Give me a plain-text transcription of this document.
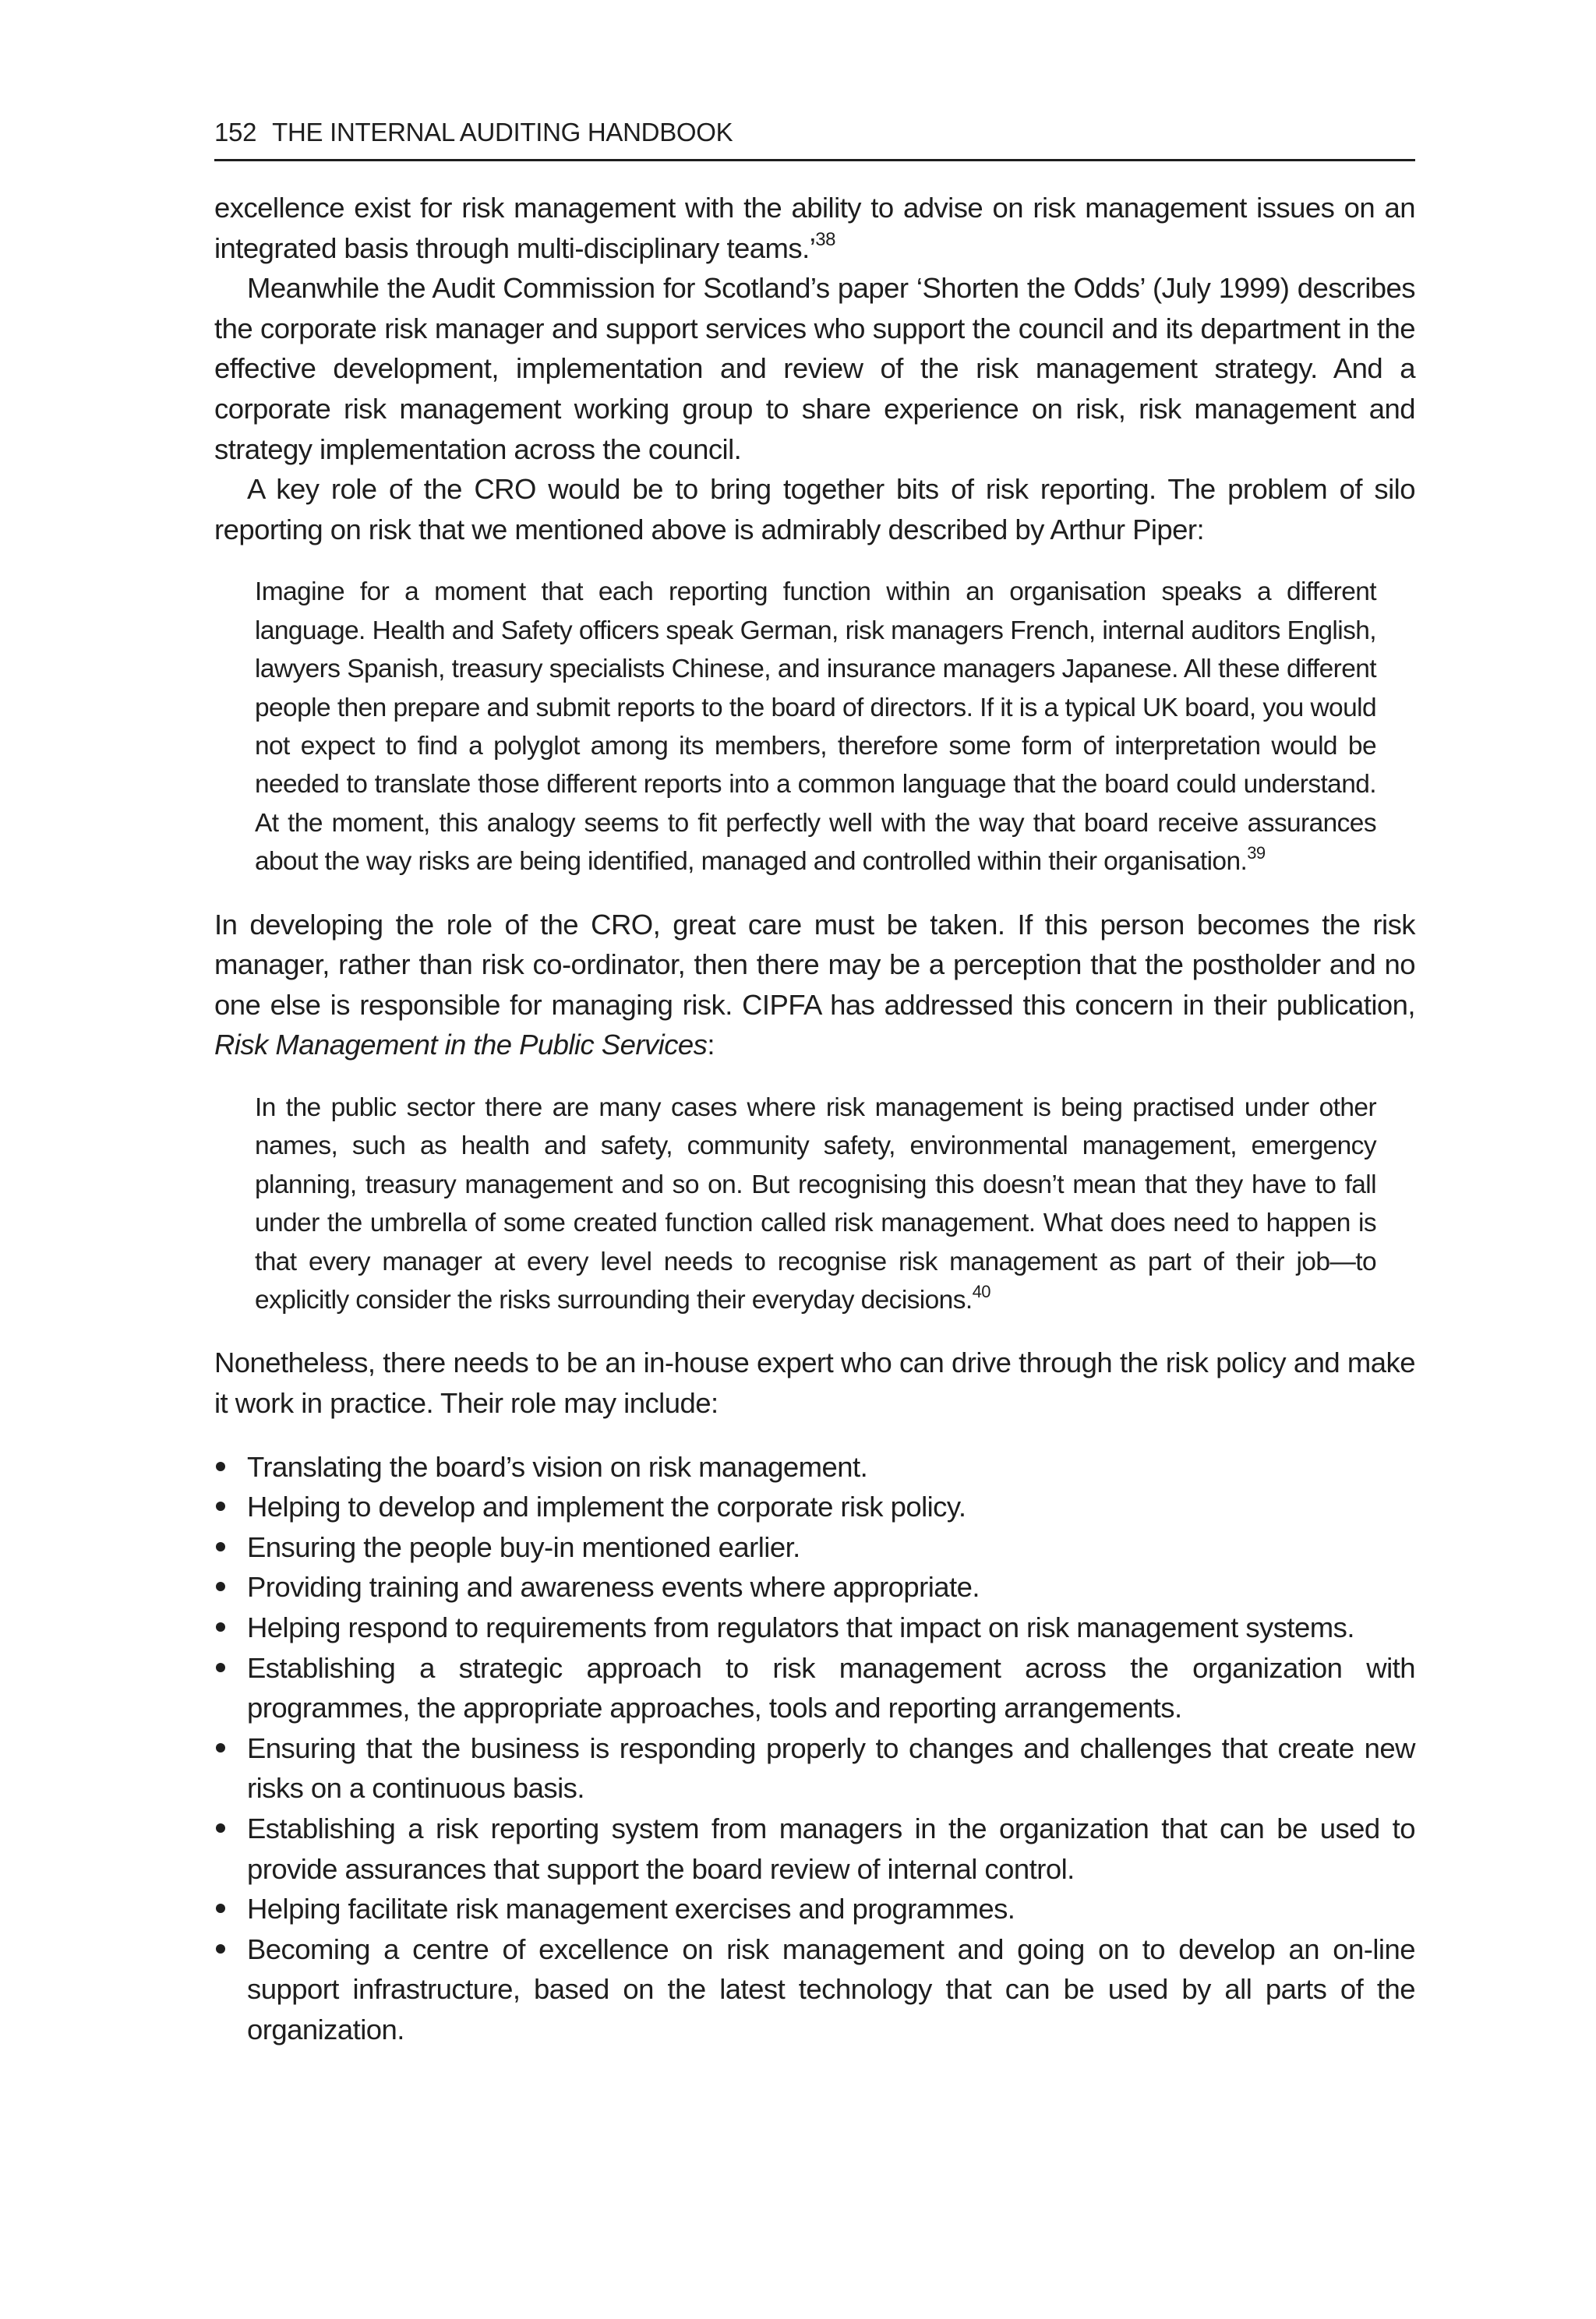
152 THE INTERNAL AUDITING HANDBOOK

excellence exist for risk management with the ability to advise on risk management issues on an integrated basis through multi-disciplinary teams.’$^{38}$

Meanwhile the Audit Commission for Scotland’s paper ‘Shorten the Odds’ (July 1999) describes the corporate risk manager and support services who support the council and its department in the effective development, implementation and review of the risk management strategy. And a corporate risk management working group to share experience on risk, risk management and strategy implementation across the council.

A key role of the CRO would be to bring together bits of risk reporting. The problem of silo reporting on risk that we mentioned above is admirably described by Arthur Piper:

Imagine for a moment that each reporting function within an organisation speaks a different language. Health and Safety officers speak German, risk managers French, internal auditors English, lawyers Spanish, treasury specialists Chinese, and insurance managers Japanese. All these different people then prepare and submit reports to the board of directors. If it is a typical UK board, you would not expect to find a polyglot among its members, therefore some form of interpretation would be needed to translate those different reports into a common language that the board could understand. At the moment, this analogy seems to fit perfectly well with the way that board receive assurances about the way risks are being identified, managed and controlled within their organisation.$^{39}$

In developing the role of the CRO, great care must be taken. If this person becomes the risk manager, rather than risk co-ordinator, then there may be a perception that the postholder and no one else is responsible for managing risk. CIPFA has addressed this concern in their publication, Risk Management in the Public Services:

In the public sector there are many cases where risk management is being practised under other names, such as health and safety, community safety, environmental management, emergency planning, treasury management and so on. But recognising this doesn’t mean that they have to fall under the umbrella of some created function called risk management. What does need to happen is that every manager at every level needs to recognise risk management as part of their job—to explicitly consider the risks surrounding their everyday decisions.$^{40}$

Nonetheless, there needs to be an in-house expert who can drive through the risk policy and make it work in practice. Their role may include:

Translating the board’s vision on risk management.
Helping to develop and implement the corporate risk policy.
Ensuring the people buy-in mentioned earlier.
Providing training and awareness events where appropriate.
Helping respond to requirements from regulators that impact on risk management systems.
Establishing a strategic approach to risk management across the organization with programmes, the appropriate approaches, tools and reporting arrangements.
Ensuring that the business is responding properly to changes and challenges that create new risks on a continuous basis.
Establishing a risk reporting system from managers in the organization that can be used to provide assurances that support the board review of internal control.
Helping facilitate risk management exercises and programmes.
Becoming a centre of excellence on risk management and going on to develop an on-line support infrastructure, based on the latest technology that can be used by all parts of the organization.
